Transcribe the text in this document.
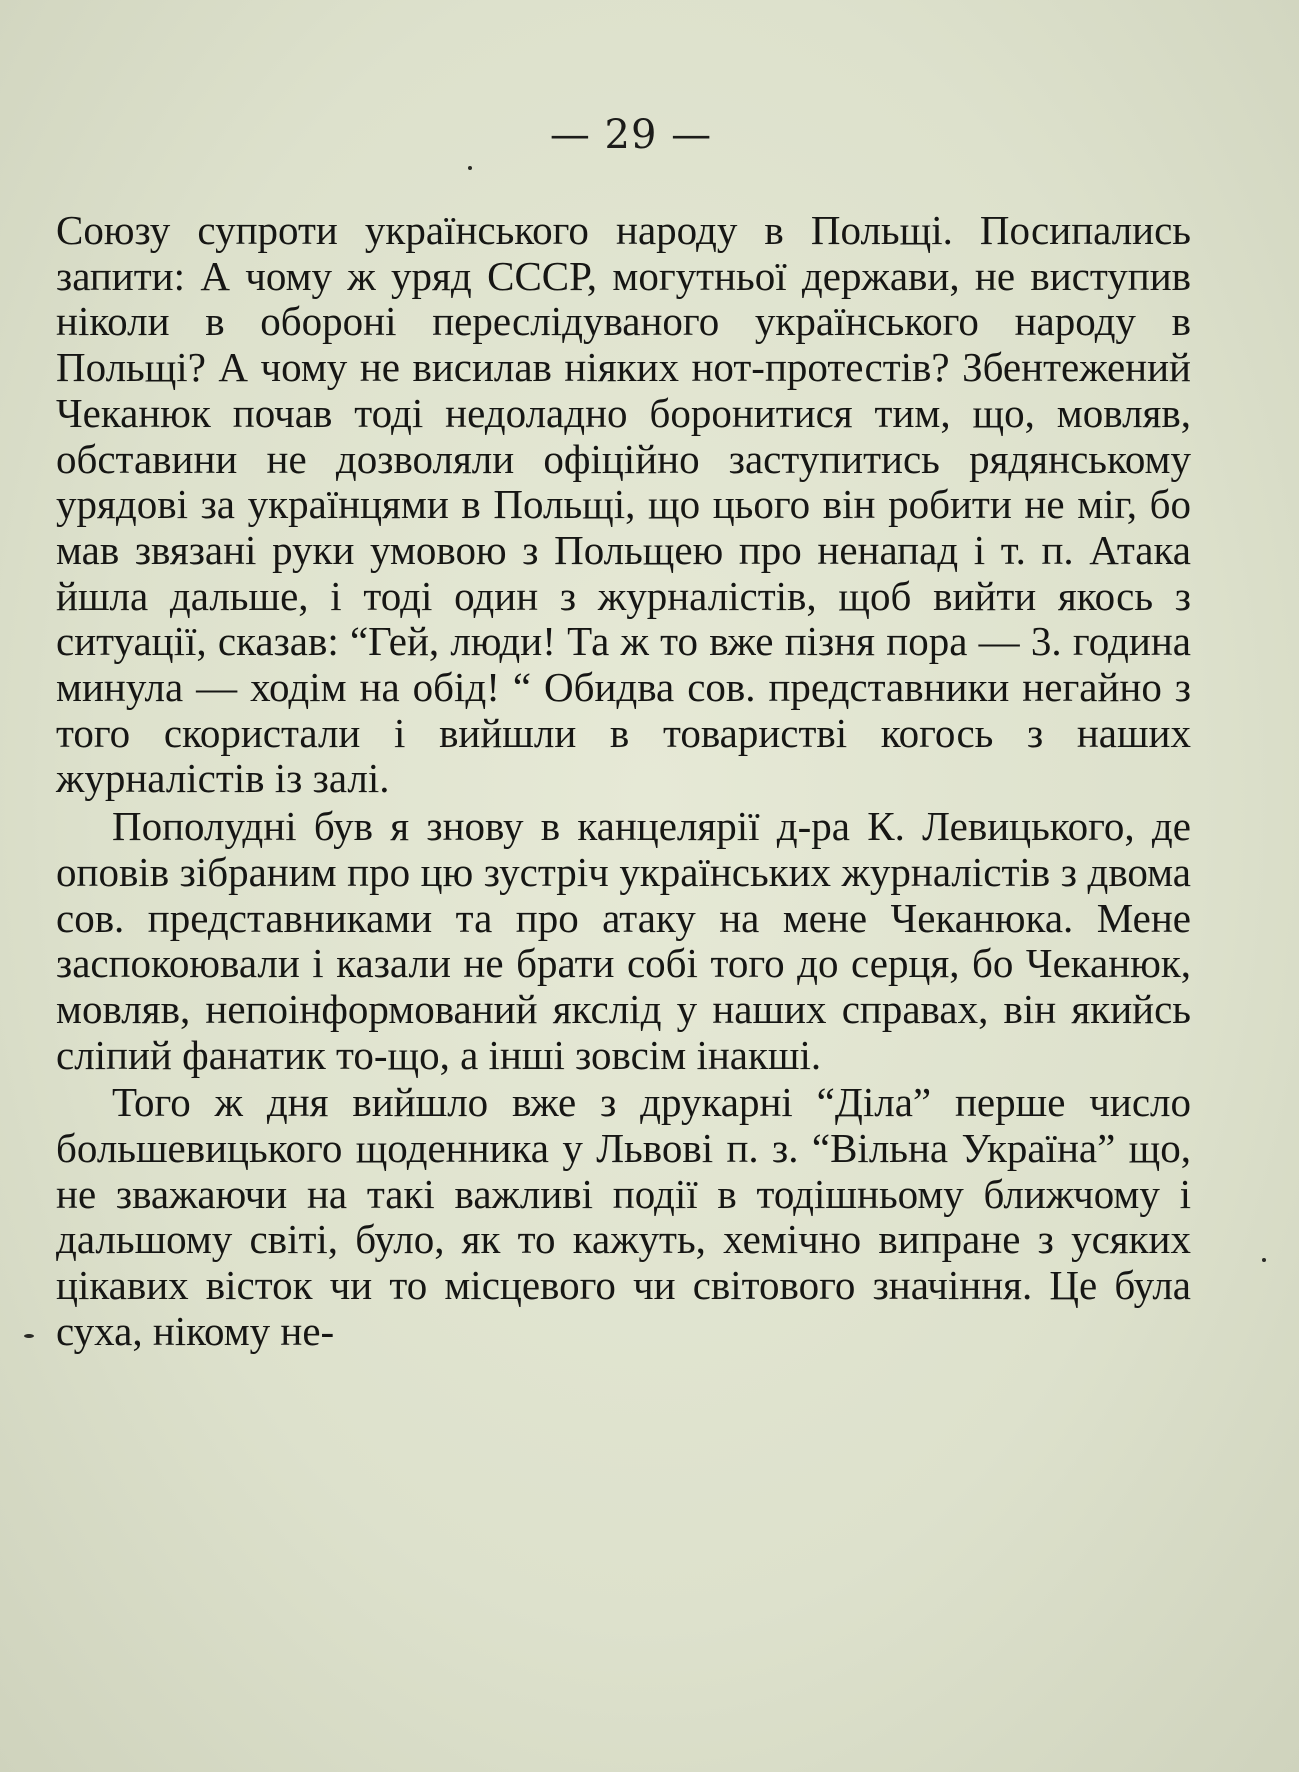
— 29 —

Союзу супроти українського народу в Польщі. Посипались запити: А чому ж уряд СССР, могутньої держави, не виступив ніколи в обороні переслідуваного українського народу в Польщі? А чому не висилав ніяких нот-протестів? Збентежений Чеканюк почав тоді недоладно боронитися тим, що, мовляв, обставини не дозволяли офіційно заступитись рядянському урядові за українцями в Польщі, що цього він робити не міг, бо мав звязані руки умовою з Польщею про ненапад і т. п. Атака йшла дальше, і тоді один з журналістів, щоб вийти якось з ситуації, сказав: “Гей, люди! Та ж то вже пізня пора — 3. година минула — ходім на обід! “ Обидва сов. представники негайно з того скористали і вийшли в товаристві когось з наших журналістів із залі.

Пополудні був я знову в канцелярії д-ра К. Левицького, де оповів зібраним про цю зустріч українських журналістів з двома сов. представниками та про атаку на мене Чеканюка. Мене заспокоювали і казали не брати собі того до серця, бо Чеканюк, мовляв, непоінформований якслід у наших справах, він якийсь сліпий фанатик то-що, а інші зовсім інакші.

Того ж дня вийшло вже з друкарні “Діла” перше число большевицького щоденника у Львові п. з. “Вільна Україна” що, не зважаючи на такі важливі події в тодішньому ближчому і дальшому світі, було, як то кажуть, хемічно випране з усяких цікавих вісток чи то місцевого чи світового значіння. Це була суха, нікому не-
